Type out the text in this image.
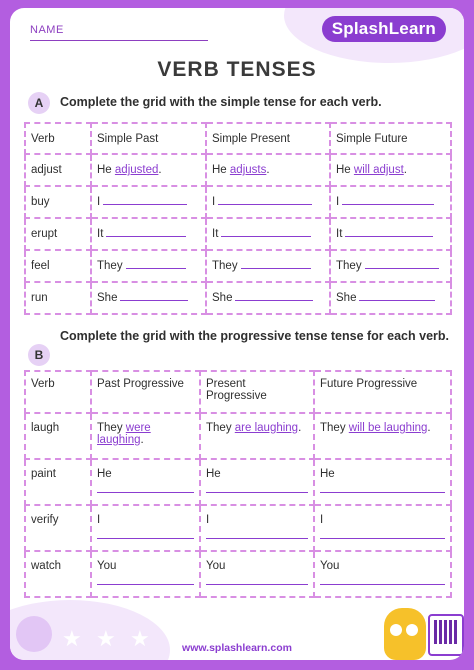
NAME	SplashLearn
VERB TENSES
A	Complete the grid with the simple tense for each verb.
Verb	Simple Past	Simple Present	Simple Future
adjust	He adjusted.	He adjusts.	He will adjust.
buy	I	I	I
erupt	It	It	It
feel	They	They	They
run	She	She	She
B
Complete the grid with the progressive tense tense for each verb.
Verb	Past Progressive	Present Progressive	Future Progressive
laugh	They were laughing.	They are laughing.	They will be laughing.
paint	He	He	He

verify	I	I	I

watch	You	You	You
★ ★ ★	www.splashlearn.com
